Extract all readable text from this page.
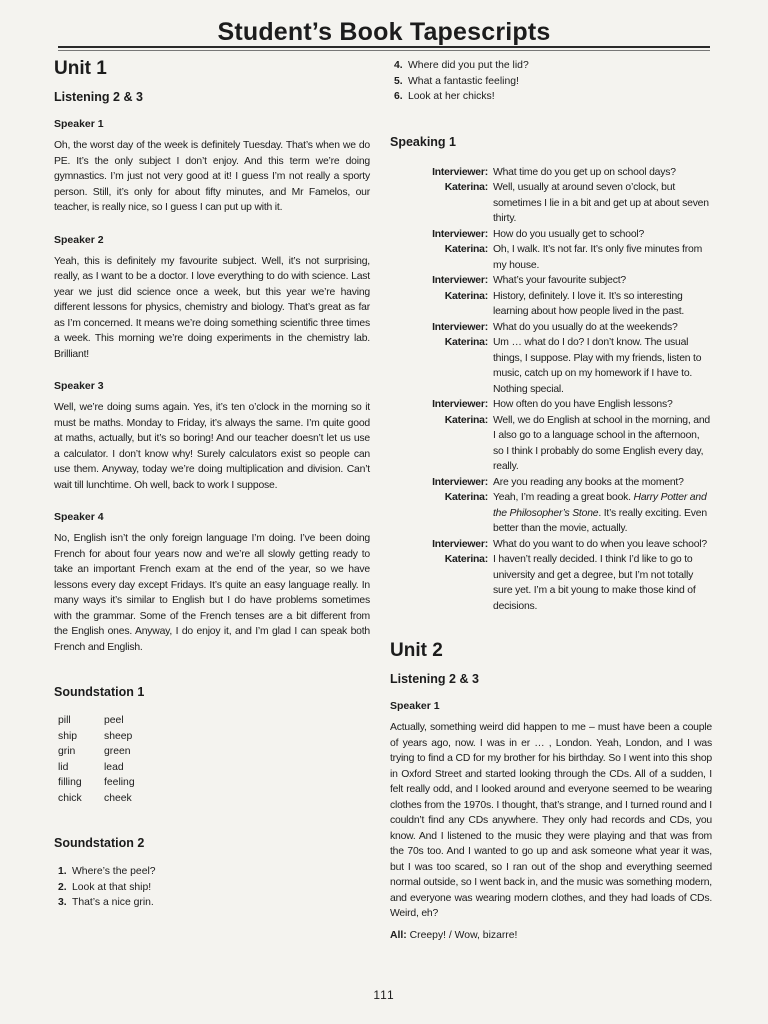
Student’s Book Tapescripts
Unit 1
Listening 2 & 3
Speaker 1
Oh, the worst day of the week is definitely Tuesday. That’s when we do PE. It’s the only subject I don’t enjoy. And this term we’re doing gymnastics. I’m just not very good at it! I guess I’m not really a sporty person. Still, it’s only for about fifty minutes, and Mr Famelos, our teacher, is really nice, so I guess I can put up with it.
Speaker 2
Yeah, this is definitely my favourite subject. Well, it’s not surprising, really, as I want to be a doctor. I love everything to do with science. Last year we just did science once a week, but this year we’re having different lessons for physics, chemistry and biology. That’s great as far as I’m concerned. It means we’re doing something scientific three times a week. This morning we’re doing experiments in the chemistry lab. Brilliant!
Speaker 3
Well, we’re doing sums again. Yes, it’s ten o’clock in the morning so it must be maths. Monday to Friday, it’s always the same. I’m quite good at maths, actually, but it’s so boring! And our teacher doesn’t let us use a calculator. I don’t know why! Surely calculators exist so people can use them. Anyway, today we’re doing multiplication and division. Can’t wait till lunchtime. Oh well, back to work I suppose.
Speaker 4
No, English isn’t the only foreign language I’m doing. I’ve been doing French for about four years now and we’re all slowly getting ready to take an important French exam at the end of the year, so we have lessons every day except Fridays. It’s quite an easy language really. In many ways it’s similar to English but I do have problems sometimes with the grammar. Some of the French tenses are a bit different from the English ones. Anyway, I do enjoy it, and I’m glad I can speak both French and English.
Soundstation 1
pill	peel
ship	sheep
grin	green
lid	lead
filling	feeling
chick	cheek
Soundstation 2
1. Where’s the peel?
2. Look at that ship!
3. That’s a nice grin.
4. Where did you put the lid?
5. What a fantastic feeling!
6. Look at her chicks!
Speaking 1
Interviewer: What time do you get up on school days?
Katerina: Well, usually at around seven o’clock, but sometimes I lie in a bit and get up at about seven thirty.
Interviewer: How do you usually get to school?
Katerina: Oh, I walk. It’s not far. It’s only five minutes from my house.
Interviewer: What’s your favourite subject?
Katerina: History, definitely. I love it. It’s so interesting learning about how people lived in the past.
Interviewer: What do you usually do at the weekends?
Katerina: Um … what do I do? I don’t know. The usual things, I suppose. Play with my friends, listen to music, catch up on my homework if I have to. Nothing special.
Interviewer: How often do you have English lessons?
Katerina: Well, we do English at school in the morning, and I also go to a language school in the afternoon, so I think I probably do some English every day, really.
Interviewer: Are you reading any books at the moment?
Katerina: Yeah, I’m reading a great book. Harry Potter and the Philosopher’s Stone. It’s really exciting. Even better than the movie, actually.
Interviewer: What do you want to do when you leave school?
Katerina: I haven’t really decided. I think I’d like to go to university and get a degree, but I’m not totally sure yet. I’m a bit young to make those kind of decisions.
Unit 2
Listening 2 & 3
Speaker 1
Actually, something weird did happen to me – must have been a couple of years ago, now. I was in er … , London. Yeah, London, and I was trying to find a CD for my brother for his birthday. So I went into this shop in Oxford Street and started looking through the CDs. All of a sudden, I felt really odd, and I looked around and everyone seemed to be wearing clothes from the 1970s. I thought, that’s strange, and I turned round and I couldn’t find any CDs anywhere. They only had records and CDs, you know. And I listened to the music they were playing and that was from the 70s too. And I wanted to go up and ask someone what year it was, but I was too scared, so I ran out of the shop and everything seemed normal outside, so I went back in, and the music was something modern, and everyone was wearing modern clothes, and they had loads of CDs. Weird, eh?
All: Creepy! / Wow, bizarre!
111
